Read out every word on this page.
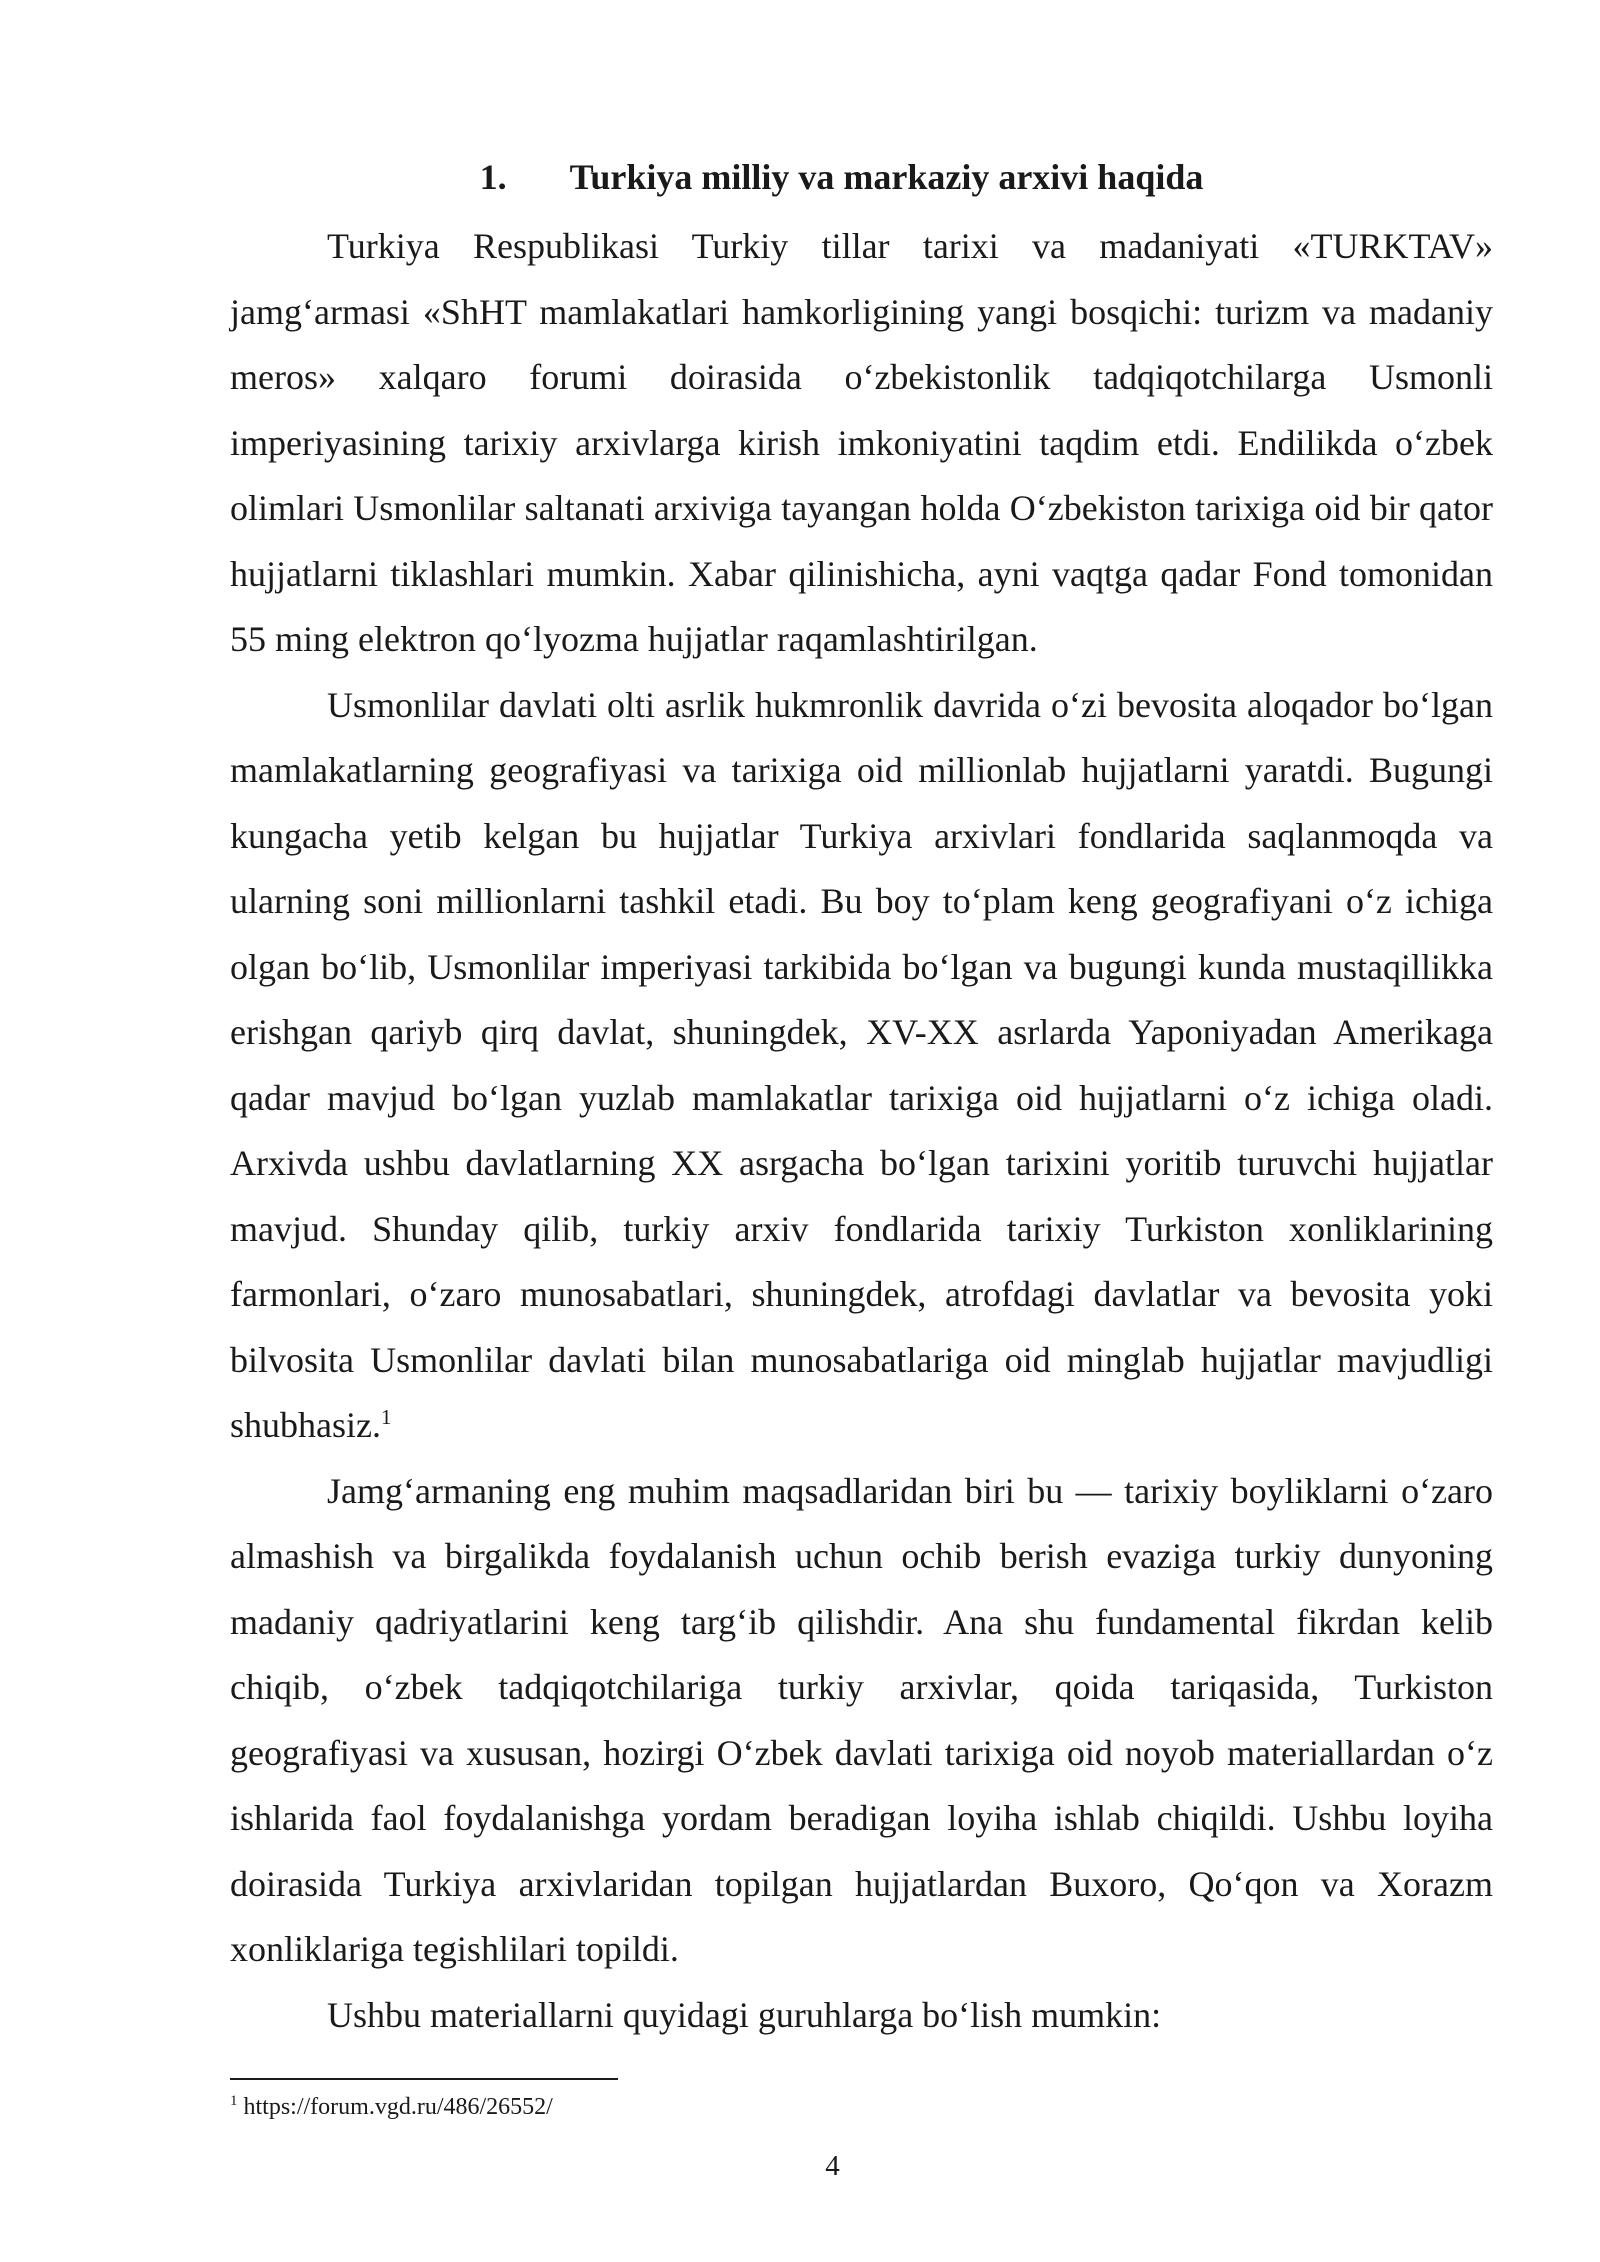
1. Turkiya milliy va markaziy arxivi haqida

Turkiya Respublikasi Turkiy tillar tarixi va madaniyati «TURKTAV» jamg‘armasi «ShHT mamlakatlari hamkorligining yangi bosqichi: turizm va madaniy meros» xalqaro forumi doirasida o‘zbekistonlik tadqiqotchilarga Usmonli imperiyasining tarixiy arxivlarga kirish imkoniyatini taqdim etdi. Endilikda o‘zbek olimlari Usmonlilar saltanati arxiviga tayangan holda O‘zbekiston tarixiga oid bir qator hujjatlarni tiklashlari mumkin. Xabar qilinishicha, ayni vaqtga qadar Fond tomonidan 55 ming elektron qo‘lyozma hujjatlar raqamlashtirilgan.

Usmonlilar davlati olti asrlik hukmronlik davrida o‘zi bevosita aloqador bo‘lgan mamlakatlarning geografiyasi va tarixiga oid millionlab hujjatlarni yaratdi. Bugungi kungacha yetib kelgan bu hujjatlar Turkiya arxivlari fondlarida saqlanmoqda va ularning soni millionlarni tashkil etadi. Bu boy to‘plam keng geografiyani o‘z ichiga olgan bo‘lib, Usmonlilar imperiyasi tarkibida bo‘lgan va bugungi kunda mustaqillikka erishgan qariyb qirq davlat, shuningdek, XV-XX asrlarda Yaponiyadan Amerikaga qadar mavjud bo‘lgan yuzlab mamlakatlar tarixiga oid hujjatlarni o‘z ichiga oladi. Arxivda ushbu davlatlarning XX asrgacha bo‘lgan tarixini yoritib turuvchi hujjatlar mavjud. Shunday qilib, turkiy arxiv fondlarida tarixiy Turkiston xonliklarining farmonlari, o‘zaro munosabatlari, shuningdek, atrofdagi davlatlar va bevosita yoki bilvosita Usmonlilar davlati bilan munosabatlariga oid minglab hujjatlar mavjudligi shubhasiz.$^1$

Jamg‘armaning eng muhim maqsadlaridan biri bu — tarixiy boyliklarni o‘zaro almashish va birgalikda foydalanish uchun ochib berish evaziga turkiy dunyoning madaniy qadriyatlarini keng targ‘ib qilishdir. Ana shu fundamental fikrdan kelib chiqib, o‘zbek tadqiqotchilariga turkiy arxivlar, qoida tariqasida, Turkiston geografiyasi va xususan, hozirgi O‘zbek davlati tarixiga oid noyob materiallardan o‘z ishlarida faol foydalanishga yordam beradigan loyiha ishlab chiqildi. Ushbu loyiha doirasida Turkiya arxivlaridan topilgan hujjatlardan Buxoro, Qo‘qon va Xorazm xonliklariga tegishlilari topildi.

Ushbu materiallarni quyidagi guruhlarga bo‘lish mumkin:

$^1$ https://forum.vgd.ru/486/26552/
4
